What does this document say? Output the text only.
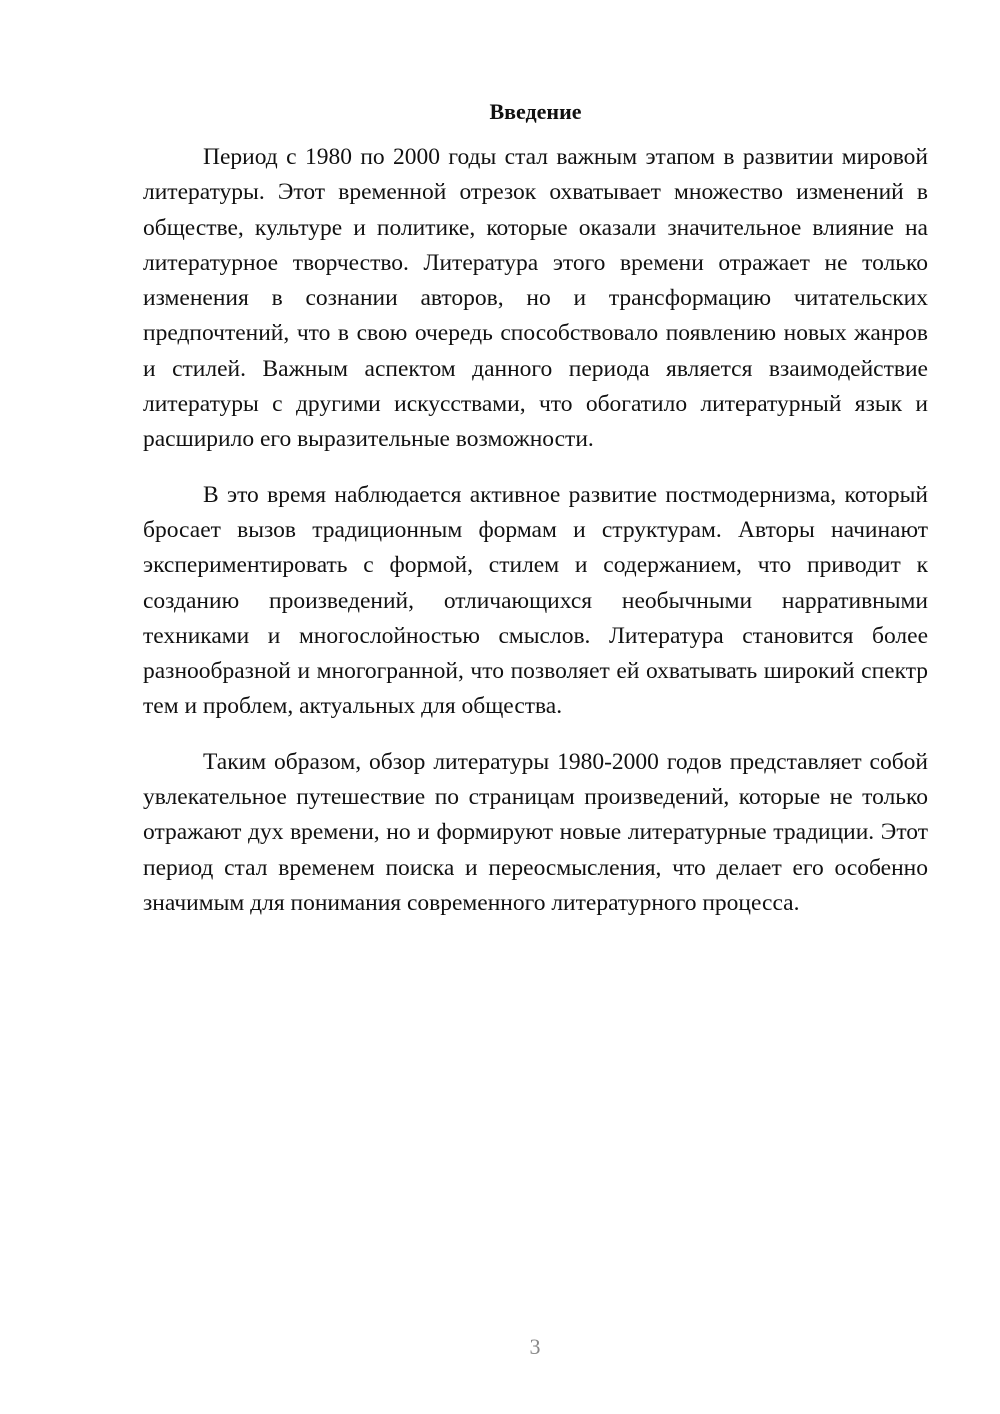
Введение

Период с 1980 по 2000 годы стал важным этапом в развитии мировой литературы. Этот временной отрезок охватывает множество изменений в обществе, культуре и политике, которые оказали значительное влияние на литературное творчество. Литература этого времени отражает не только изменения в сознании авторов, но и трансформацию читательских предпочтений, что в свою очередь способствовало появлению новых жанров и стилей. Важным аспектом данного периода является взаимодействие литературы с другими искусствами, что обогатило литературный язык и расширило его выразительные возможности.

В это время наблюдается активное развитие постмодернизма, который бросает вызов традиционным формам и структурам. Авторы начинают экспериментировать с формой, стилем и содержанием, что приводит к созданию произведений, отличающихся необычными нарративными техниками и многослойностью смыслов. Литература становится более разнообразной и многогранной, что позволяет ей охватывать широкий спектр тем и проблем, актуальных для общества.

Таким образом, обзор литературы 1980-2000 годов представляет собой увлекательное путешествие по страницам произведений, которые не только отражают дух времени, но и формируют новые литературные традиции. Этот период стал временем поиска и переосмысления, что делает его особенно значимым для понимания современного литературного процесса.

3
